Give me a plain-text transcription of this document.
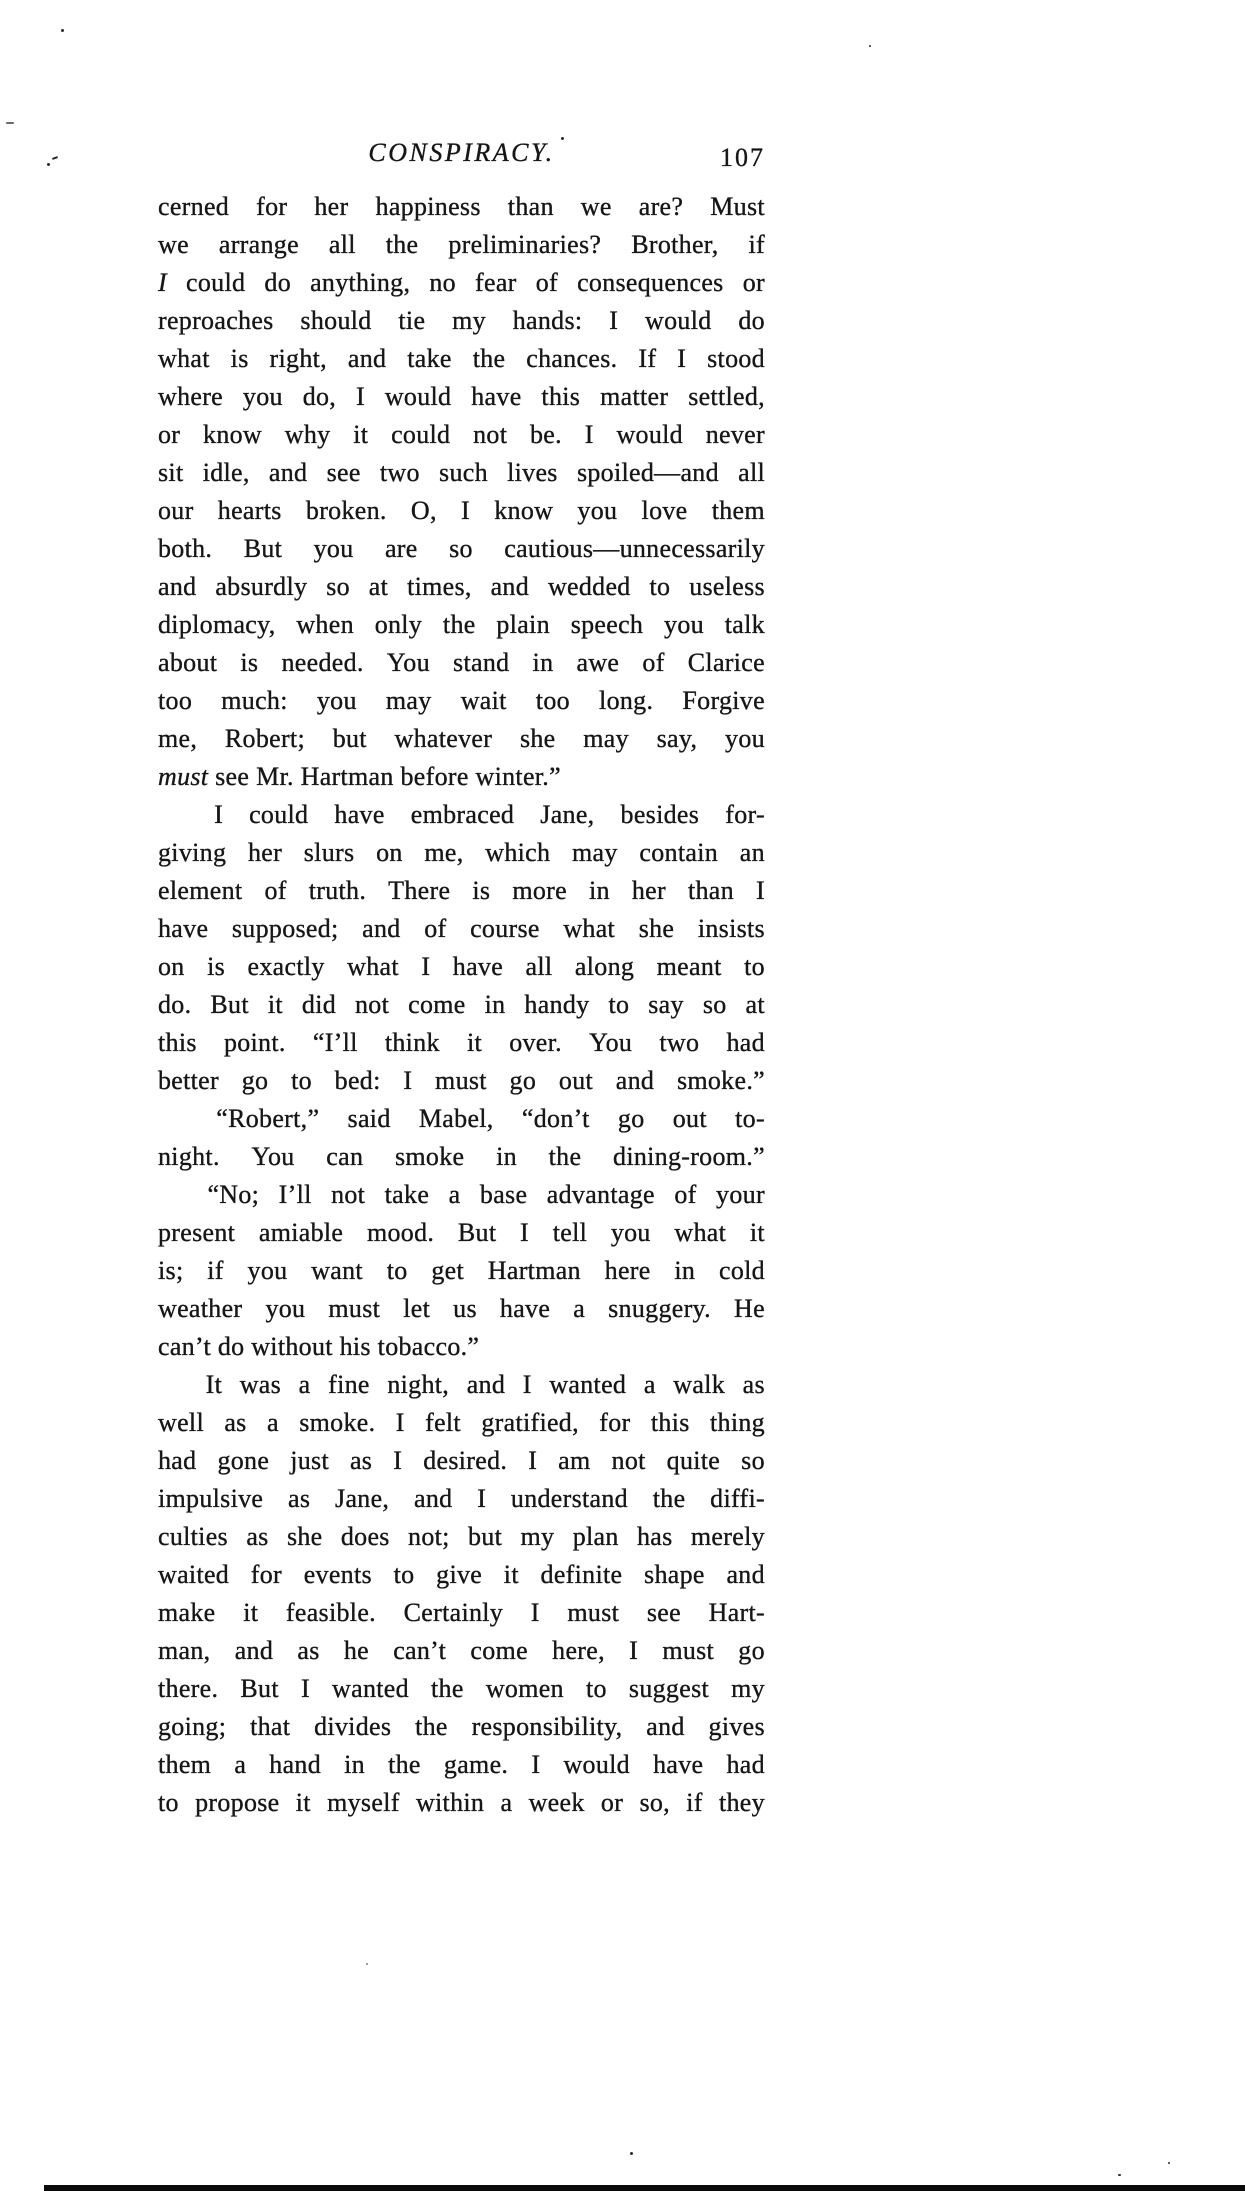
CONSPIRACY.	107
cerned for her happiness than we are? Must
we arrange all the preliminaries? Brother, if
I could do anything, no fear of consequences or
reproaches should tie my hands: I would do
what is right, and take the chances. If I stood
where you do, I would have this matter settled,
or know why it could not be. I would never
sit idle, and see two such lives spoiled—and all
our hearts broken. O, I know you love them
both. But you are so cautious—unnecessarily
and absurdly so at times, and wedded to useless
diplomacy, when only the plain speech you talk
about is needed. You stand in awe of Clarice
too much: you may wait too long. Forgive
me, Robert; but whatever she may say, you
must see Mr. Hartman before winter.”
I could have embraced Jane, besides for-
giving her slurs on me, which may contain an
element of truth. There is more in her than I
have supposed; and of course what she insists
on is exactly what I have all along meant to
do. But it did not come in handy to say so at
this point. “I’ll think it over. You two had
better go to bed: I must go out and smoke.”
“Robert,” said Mabel, “don’t go out to-
night. You can smoke in the dining-room.”
“No; I’ll not take a base advantage of your
present amiable mood. But I tell you what it
is; if you want to get Hartman here in cold
weather you must let us have a snuggery. He
can’t do without his tobacco.”
It was a fine night, and I wanted a walk as
well as a smoke. I felt gratified, for this thing
had gone just as I desired. I am not quite so
impulsive as Jane, and I understand the diffi-
culties as she does not; but my plan has merely
waited for events to give it definite shape and
make it feasible. Certainly I must see Hart-
man, and as he can’t come here, I must go
there. But I wanted the women to suggest my
going; that divides the responsibility, and gives
them a hand in the game. I would have had
to propose it myself within a week or so, if they
